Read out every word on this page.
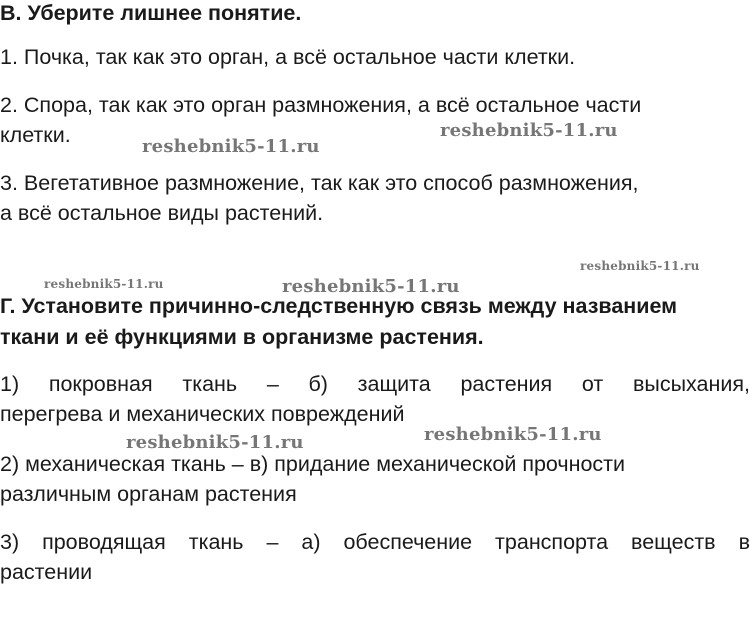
В. Уберите лишнее понятие.

1. Почка, так как это орган, а всё остальное части клетки.

2. Спора, так как это орган размножения, а всё остальное части

клетки.

3. Вегетативное размножение, так как это способ размножения,

а всё остальное виды растений.

Г. Установите причинно-следственную связь между названием

ткани и её функциями в организме растения.

1) покровная ткань – б) защита растения от высыхания,

перегрева и механических повреждений

2) механическая ткань – в) придание механической прочности

различным органам растения

3) проводящая ткань – а) обеспечение транспорта веществ в

растении

reshebnik5-11.ru
reshebnik5-11.ru
reshebnik5-11.ru
reshebnik5-11.ru	reshebnik5-11.ru
reshebnik5-11.ru	reshebnik5-11.ru
